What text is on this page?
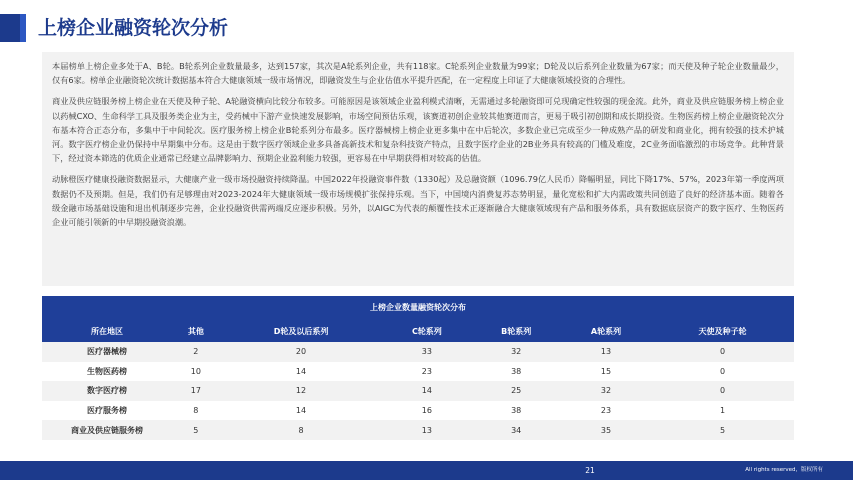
上榜企业融资轮次分析

本届榜单上榜企业多处于A、B轮。B轮系列企业数量最多，达到157家，其次是A轮系列企业，共有118家。C轮系列企业数量为99家；D轮及以后系列企业数量为67家；而天使及种子轮企业数量最少，仅有6家。榜单企业融资轮次统计数据基本符合大健康领域一级市场情况，即融资发生与企业估值水平提升匹配，在一定程度上印证了大健康领域投资的合理性。

商业及供应链服务榜上榜企业在天使及种子轮、A轮融资横向比较分布较多。可能原因是该领域企业盈利模式清晰，无需通过多轮融资即可兑现确定性较强的现金流。此外，商业及供应链服务榜上榜企业以药械CXO、生命科学工具及服务类企业为主，受药械中下游产业快速发展影响，市场空间预估乐观，该赛道初创企业较其他赛道而言，更易于吸引初创期和成长期投资。生物医药榜上榜企业融资轮次分布基本符合正态分布，多集中于中间轮次。医疗服务榜上榜企业B轮系列分布最多。医疗器械榜上榜企业更多集中在中后轮次，多数企业已完成至少一种成熟产品的研发和商业化，拥有较强的技术护城河。数字医疗榜企业仍保持中早期集中分布。这是由于数字医疗领域企业多具备高新技术和复杂科技资产特点，且数字医疗企业的2B业务具有较高的门槛及难度，2C业务面临激烈的市场竞争。此种背景下，经过资本筛选的优质企业通常已经建立品牌影响力、预期企业盈利能力较强，更容易在中早期获得相对较高的估值。

动脉橙医疗健康投融资数据显示，大健康产业一级市场投融资持续降温。中国2022年投融资事件数（1330起）及总融资额（1096.79亿人民币）降幅明显，同比下降17%、57%，2023年第一季度两项数据仍不及预期。但是，我们仍有足够理由对2023-2024年大健康领域一级市场规模扩张保持乐观。当下，中国境内消费复苏态势明显，量化宽松和扩大内需政策共同创造了良好的经济基本面。随着各级金融市场基础设施和退出机制逐步完善，企业投融资供需两端反应逐步积极。另外，以AIGC为代表的颠覆性技术正逐渐融合大健康领域现有产品和服务体系，具有数据底层资产的数字医疗、生物医药企业可能引领新的中早期投融资浪潮。

上榜企业数量融资轮次分布
所在地区	其他	D轮及以后系列	C轮系列	B轮系列	A轮系列	天使及种子轮
医疗器械榜	2	20	33	32	13	0
生物医药榜	10	14	23	38	15	0
数字医疗榜	17	12	14	25	32	0
医疗服务榜	8	14	16	38	23	1
商业及供应链服务榜	5	8	13	34	35	5
21	All rights reserved，版权所有
